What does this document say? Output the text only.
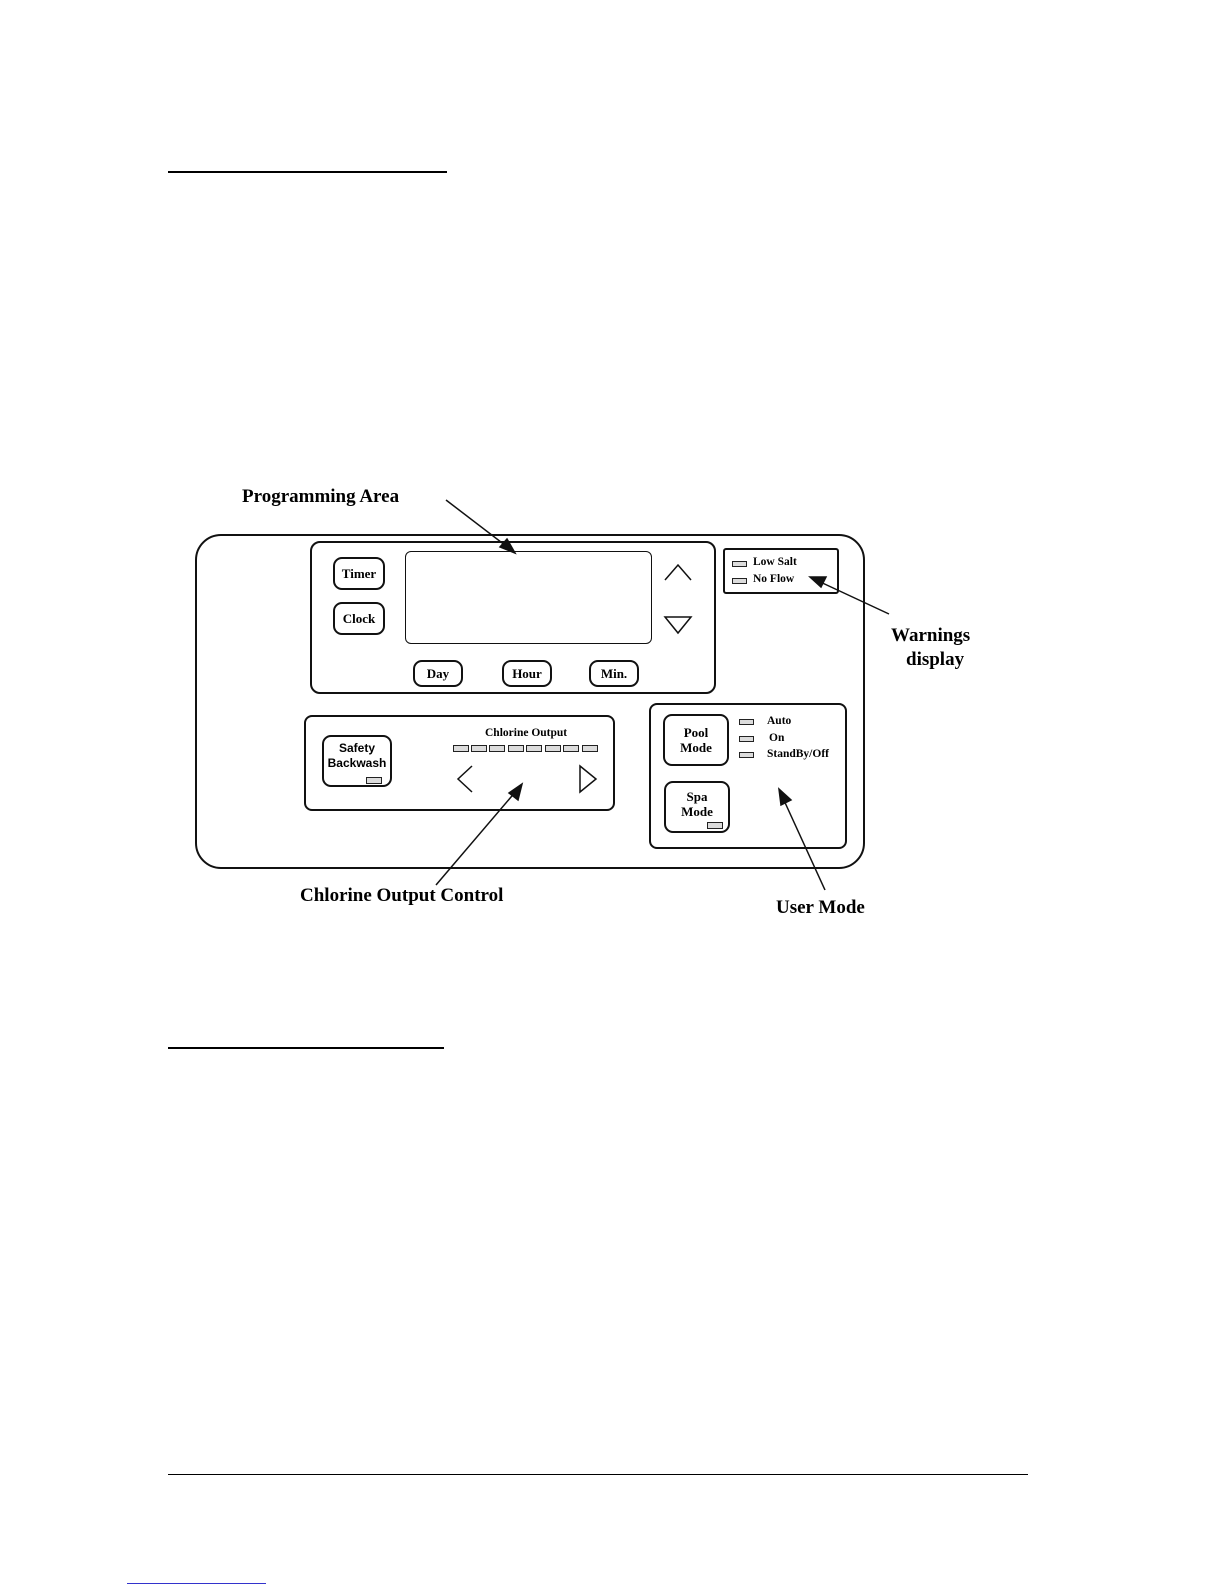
Programming Area
Warnings
display
Chlorine Output Control
User Mode
Timer
Clock
Day	Hour	Min.
Low Salt
No Flow
Safety
Backwash
Chlorine Output	Pool
Mode
Spa
Mode
Auto
On
StandBy/Off
